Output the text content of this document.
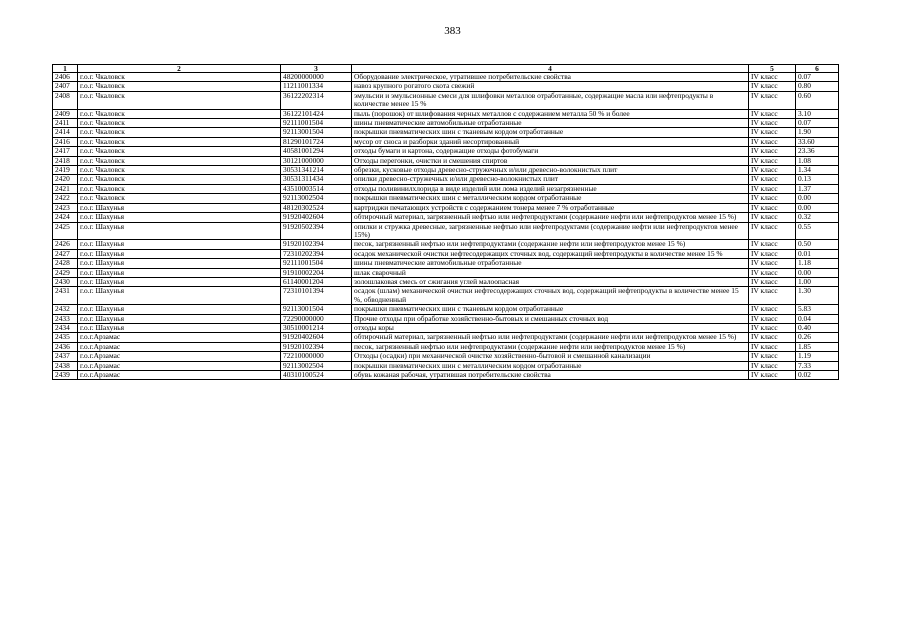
383
1	2	3	4	5	6
2406	г.о.г. Чкаловск	48200000000	Оборудование электрическое, утратившее потребительские свойства	IV класс	0.07
2407	г.о.г. Чкаловск	11211001334	навоз крупного рогатого скота свежий	IV класс	0.80
2408	г.о.г. Чкаловск	36122202314	эмульсии и эмульсионные смеси для шлифовки металлов отработанные, содержащие масла или нефтепродукты в количестве менее 15 %	IV класс	0.60
2409	г.о.г. Чкаловск	36122101424	пыль (порошок) от шлифования черных металлов с содержанием металла 50 % и более	IV класс	3.10
2411	г.о.г. Чкаловск	92111001504	шины пневматические автомобильные отработанные	IV класс	0.07
2414	г.о.г. Чкаловск	92113001504	покрышки пневматических шин с тканевым кордом отработанные	IV класс	1.90
2416	г.о.г. Чкаловск	81290101724	мусор от сноса и разборки зданий несортированный	IV класс	33.60
2417	г.о.г. Чкаловск	40581001294	отходы бумаги и картона, содержащие отходы фотобумаги	IV класс	23.36
2418	г.о.г. Чкаловск	30121000000	Отходы перегонки, очистки и смешения спиртов	IV класс	1.08
2419	г.о.г. Чкаловск	30531341214	обрезки, кусковые отходы древесно-стружечных и/или древесно-волокнистых плит	IV класс	1.34
2420	г.о.г. Чкаловск	30531311434	опилки древесно-стружечных и/или древесно-волокнистых плит	IV класс	0.13
2421	г.о.г. Чкаловск	43510003514	отходы поливинилхлорида в виде изделий или лома изделий незагрязненные	IV класс	1.37
2422	г.о.г. Чкаловск	92113002504	покрышки пневматических шин с металлическим кордом отработанные	IV класс	0.00
2423	г.о.г. Шахунья	48120302524	картриджи печатающих устройств с содержанием тонера менее 7 % отработанные	IV класс	0.00
2424	г.о.г. Шахунья	91920402604	обтирочный материал, загрязненный нефтью или нефтепродуктами (содержание нефти или нефтепродуктов менее 15 %)	IV класс	0.32
2425	г.о.г. Шахунья	91920502394	опилки и стружка древесные, загрязненные нефтью или нефтепродуктами (содержание нефти или нефтепродуктов менее 15%)	IV класс	0.55
2426	г.о.г. Шахунья	91920102394	песок, загрязненный нефтью или нефтепродуктами (содержание нефти или нефтепродуктов менее 15 %)	IV класс	0.50
2427	г.о.г. Шахунья	72310202394	осадок механической очистки нефтесодержащих сточных вод, содержащий нефтепродукты в количестве менее 15 %	IV класс	0.01
2428	г.о.г. Шахунья	92111001504	шины пневматические автомобильные отработанные	IV класс	1.18
2429	г.о.г. Шахунья	91910002204	шлак сварочный	IV класс	0.00
2430	г.о.г. Шахунья	61140001204	золошлаковая смесь от сжигания углей малоопасная	IV класс	1.00
2431	г.о.г. Шахунья	72310101394	осадок (шлам) механической очистки нефтесодержащих сточных вод, содержащий нефтепродукты в количестве менее 15 %, обводненный	IV класс	1.30
2432	г.о.г. Шахунья	92113001504	покрышки пневматических шин с тканевым кордом отработанные	IV класс	5.83
2433	г.о.г. Шахунья	72290000000	Прочие отходы при обработке хозяйственно-бытовых и смешанных сточных вод	IV класс	0.04
2434	г.о.г. Шахунья	30510001214	отходы коры	IV класс	0.40
2435	г.о.г.Арзамас	91920402604	обтирочный материал, загрязненный нефтью или нефтепродуктами (содержание нефти или нефтепродуктов менее 15 %)	IV класс	0.26
2436	г.о.г.Арзамас	91920102394	песок, загрязненный нефтью или нефтепродуктами (содержание нефти или нефтепродуктов менее 15 %)	IV класс	1.85
2437	г.о.г.Арзамас	72210000000	Отходы (осадки) при механической очистке хозяйственно-бытовой и смешанной канализации	IV класс	1.19
2438	г.о.г.Арзамас	92113002504	покрышки пневматических шин с металлическим кордом отработанные	IV класс	7.33
2439	г.о.г.Арзамас	40310100524	обувь кожаная рабочая, утратившая потребительские свойства	IV класс	0.02
